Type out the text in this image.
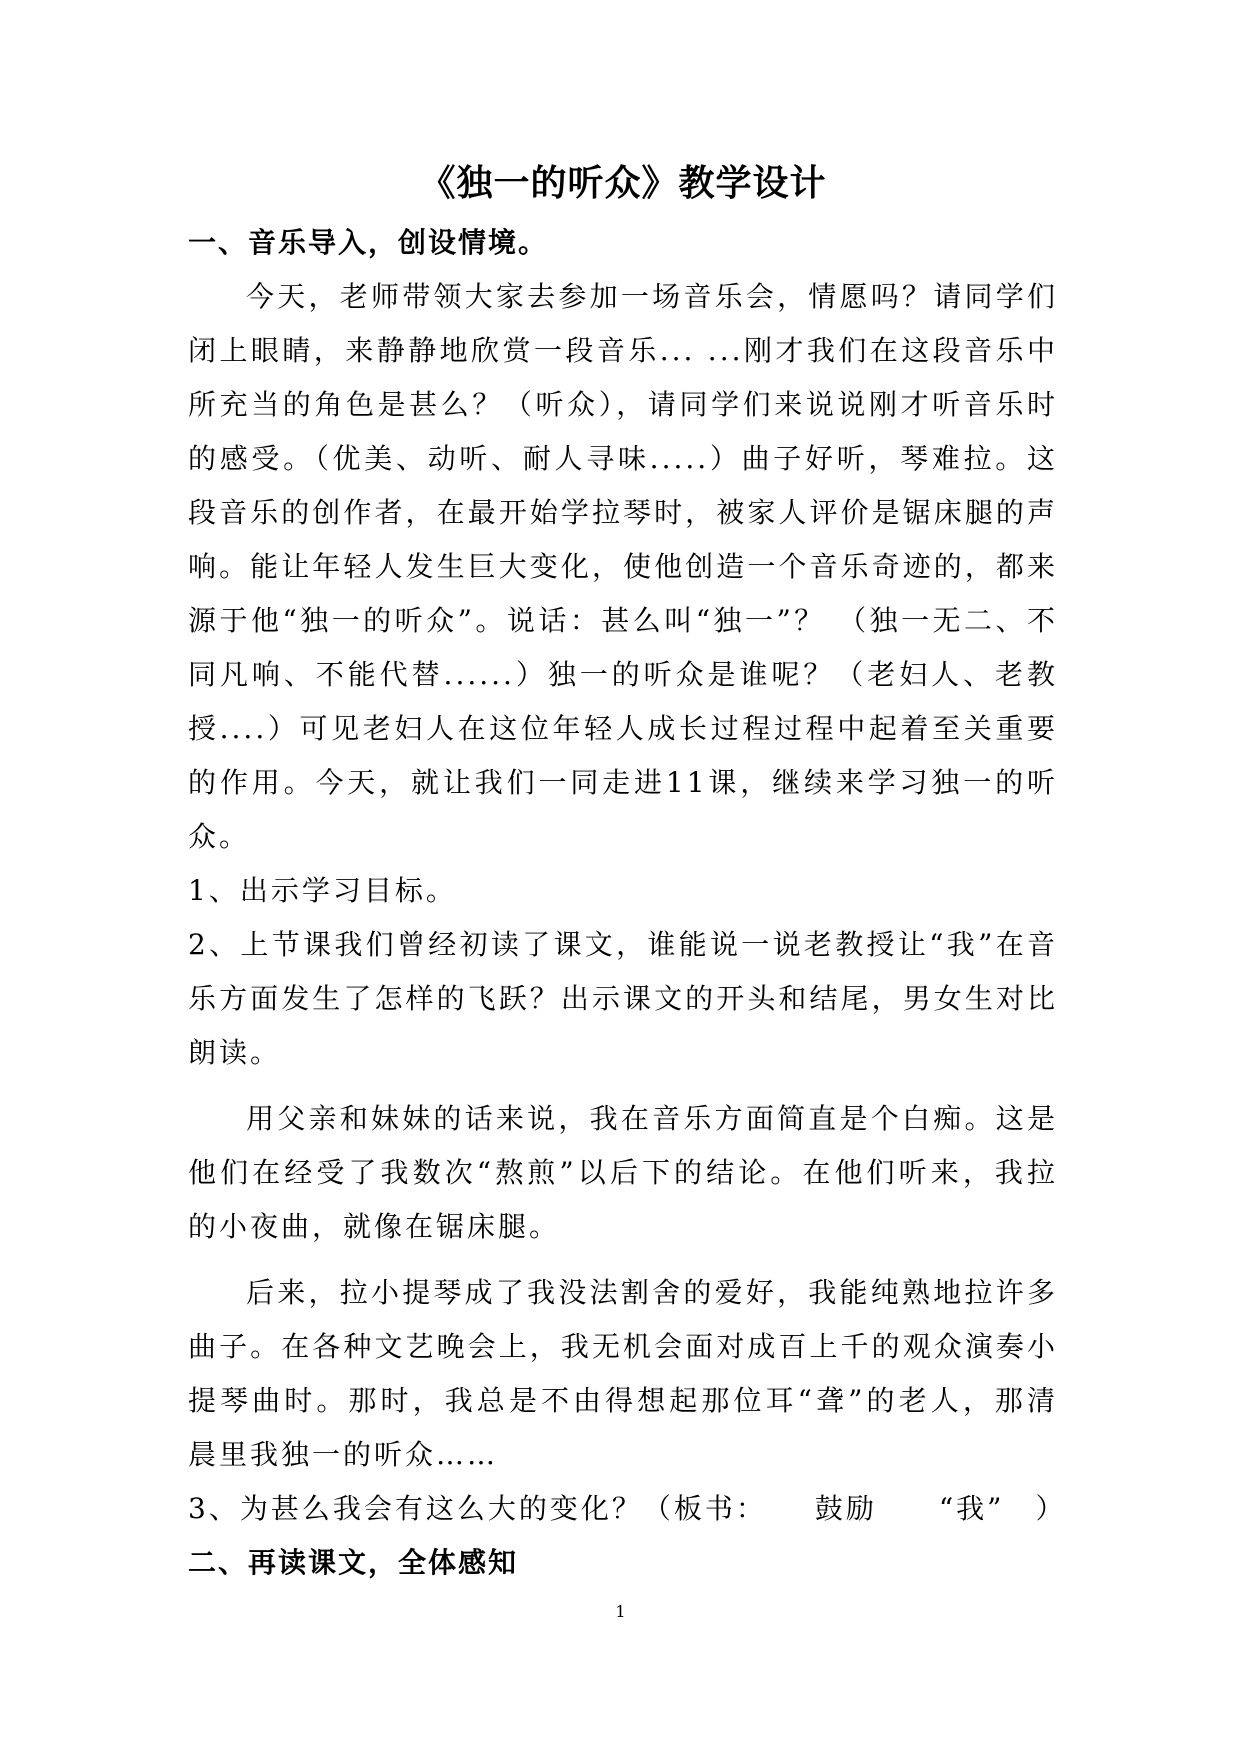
《独一的听众》教学设计
一、音乐导入，创设情境。

今天，老师带领大家去参加一场音乐会，情愿吗？请同学们闭上眼睛，来静静地欣赏一段音乐... ...刚才我们在这段音乐中所充当的角色是甚么？（听众），请同学们来说说刚才听音乐时的感受。（优美、动听、耐人寻味.....）曲子好听，琴难拉。这段音乐的创作者，在最开始学拉琴时，被家人评价是锯床腿的声响。能让年轻人发生巨大变化，使他创造一个音乐奇迹的，都来源于他“独一的听众”。说话：甚么叫“独一”？ （独一无二、不同凡响、不能代替......）独一的听众是谁呢？（老妇人、老教授....）可见老妇人在这位年轻人成长过程过程中起着至关重要的作用。今天，就让我们一同走进11课，继续来学习独一的听众。

1、出示学习目标。

2、上节课我们曾经初读了课文，谁能说一说老教授让“我”在音乐方面发生了怎样的飞跃？出示课文的开头和结尾，男女生对比朗读。

用父亲和妹妹的话来说，我在音乐方面简直是个白痴。这是他们在经受了我数次“熬煎”以后下的结论。在他们听来，我拉的小夜曲，就像在锯床腿。

后来，拉小提琴成了我没法割舍的爱好，我能纯熟地拉许多曲子。在各种文艺晚会上，我无机会面对成百上千的观众演奏小提琴曲时。那时，我总是不由得想起那位耳“聋”的老人，那清晨里我独一的听众……

3、为甚么我会有这么大的变化？（板书：　　鼓励　　“我”　）

二、再读课文，全体感知
1
